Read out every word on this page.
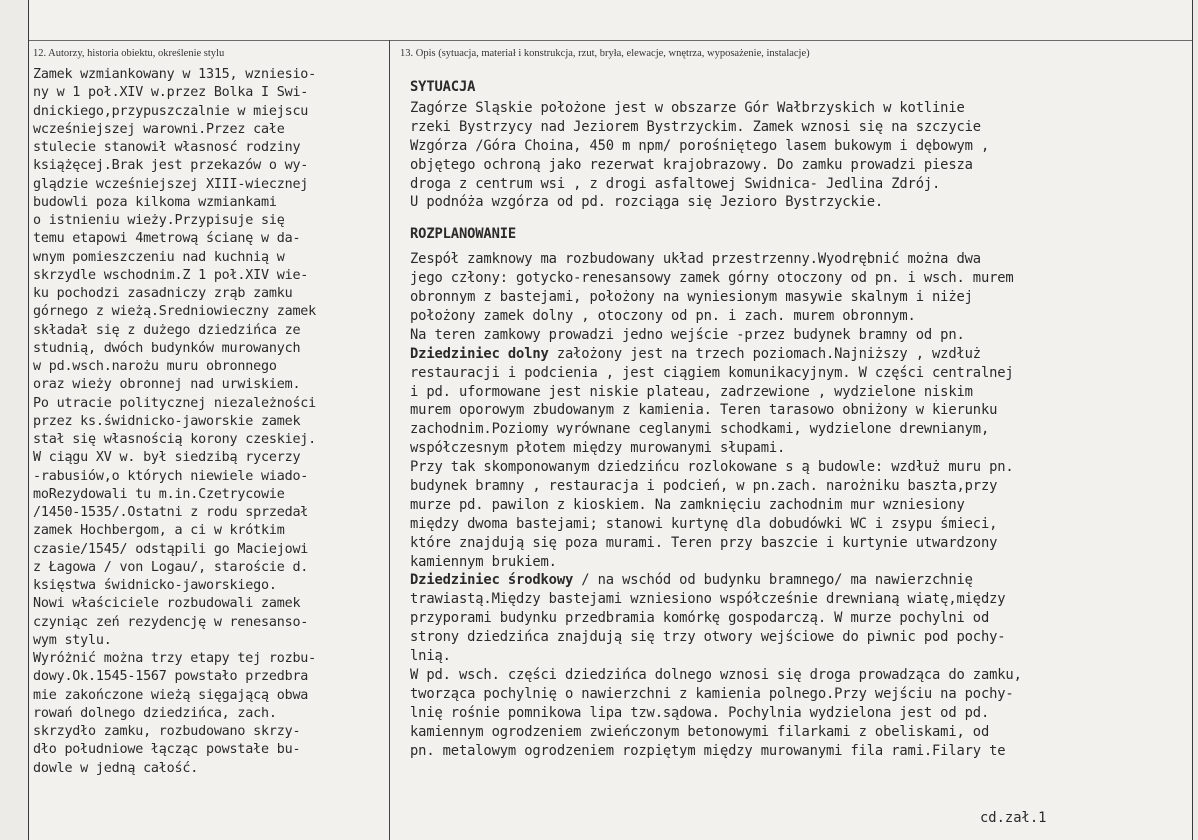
12. Autorzy, historia obiektu, określenie stylu	13. Opis (sytuacja, materiał i konstrukcja, rzut, bryła, elewacje, wnętrza, wyposażenie, instalacje)
Zamek wzmiankowany w 1315, wzniesio-
ny w 1 poł.XIV w.przez Bolka I Swi-
dnickiego,przypuszczalnie w miejscu
wcześniejszej warowni.Przez całe
stulecie stanowił własnosć rodziny
książęcej.Brak jest przekazów o wy-
glądzie wcześniejszej XIII-wiecznej
budowli poza kilkoma wzmiankami
o istnieniu wieży.Przypisuje się
temu etapowi 4metrową ścianę w da-
wnym pomieszczeniu nad kuchnią w
skrzydle wschodnim.Z 1 poł.XIV wie-
ku pochodzi zasadniczy zrąb zamku
górnego z wieżą.Sredniowieczny zamek
składał się z dużego dziedzińca ze
studnią, dwóch budynków murowanych
w pd.wsch.narożu muru obronnego
oraz wieży obronnej nad urwiskiem.
Po utracie politycznej niezależności
przez ks.świdnicko-jaworskie zamek
stał się własnością korony czeskiej.
W ciągu XV w. był siedzibą rycerzy
-rabusiów,o których niewiele wiado-
moRezydowali tu m.in.Czetrycowie
/1450-1535/.Ostatni z rodu sprzedał
zamek Hochbergom, a ci w krótkim
czasie/1545/ odstąpili go Maciejowi
z Łagowa / von Logau/, staroście d.
księstwa świdnicko-jaworskiego.
Nowi właściciele rozbudowali zamek
czyniąc zeń rezydencję w renesanso-
wym stylu.
Wyróżnić można trzy etapy tej rozbu-
dowy.Ok.1545-1567 powstało przedbra
mie zakończone wieżą sięgającą obwa
rowań dolnego dziedzińca, zach.
skrzydło zamku, rozbudowano skrzy-
dło południowe łącząc powstałe bu-
dowle w jedną całość.
SYTUACJA
Zagórze Sląskie położone jest w obszarze Gór Wałbrzyskich w kotlinie
rzeki Bystrzycy nad Jeziorem Bystrzyckim. Zamek wznosi się na szczycie
Wzgórza /Góra Choina, 450 m npm/ porośniętego lasem bukowym i dębowym ,
objętego ochroną jako rezerwat krajobrazowy. Do zamku prowadzi piesza
droga z centrum wsi , z drogi asfaltowej Swidnica- Jedlina Zdrój.
U podnóża wzgórza od pd. rozciąga się Jezioro Bystrzyckie.
ROZPLANOWANIE
Zespół zamknowy ma rozbudowany układ przestrzenny.Wyodrębnić można dwa
jego człony: gotycko-renesansowy zamek górny otoczony od pn. i wsch. murem
obronnym z bastejami, położony na wyniesionym masywie skalnym i niżej
położony zamek dolny , otoczony od pn. i zach. murem obronnym.
Na teren zamkowy prowadzi jedno wejście -przez budynek bramny od pn.
Dziedziniec dolny założony jest na trzech poziomach.Najniższy , wzdłuż
restauracji i podcienia , jest ciągiem komunikacyjnym. W części centralnej
i pd. uformowane jest niskie plateau, zadrzewione , wydzielone niskim
murem oporowym zbudowanym z kamienia. Teren tarasowo obniżony w kierunku
zachodnim.Poziomy wyrównane ceglanymi schodkami, wydzielone drewnianym,
współczesnym płotem między murowanymi słupami.
Przy tak skomponowanym dziedzińcu rozlokowane s ą budowle: wzdłuż muru pn.
budynek bramny , restauracja i podcień, w pn.zach. narożniku baszta,przy
murze pd. pawilon z kioskiem. Na zamknięciu zachodnim mur wzniesiony
między dwoma bastejami; stanowi kurtynę dla dobudówki WC i zsypu śmieci,
które znajdują się poza murami. Teren przy baszcie i kurtynie utwardzony
kamiennym brukiem.
Dziedziniec środkowy / na wschód od budynku bramnego/ ma nawierzchnię
trawiastą.Między bastejami wzniesiono współcześnie drewnianą wiatę,między
przyporami budynku przedbramia komórkę gospodarczą. W murze pochylni od
strony dziedzińca znajdują się trzy otwory wejściowe do piwnic pod pochy-
lnią.
W pd. wsch. części dziedzińca dolnego wznosi się droga prowadząca do zamku,
tworząca pochylnię o nawierzchni z kamienia polnego.Przy wejściu na pochy-
lnię rośnie pomnikowa lipa tzw.sądowa. Pochylnia wydzielona jest od pd.
kamiennym ogrodzeniem zwieńczonym betonowymi filarkami z obeliskami, od
pn. metalowym ogrodzeniem rozpiętym między murowanymi fila rami.Filary te
cd.zał.1
